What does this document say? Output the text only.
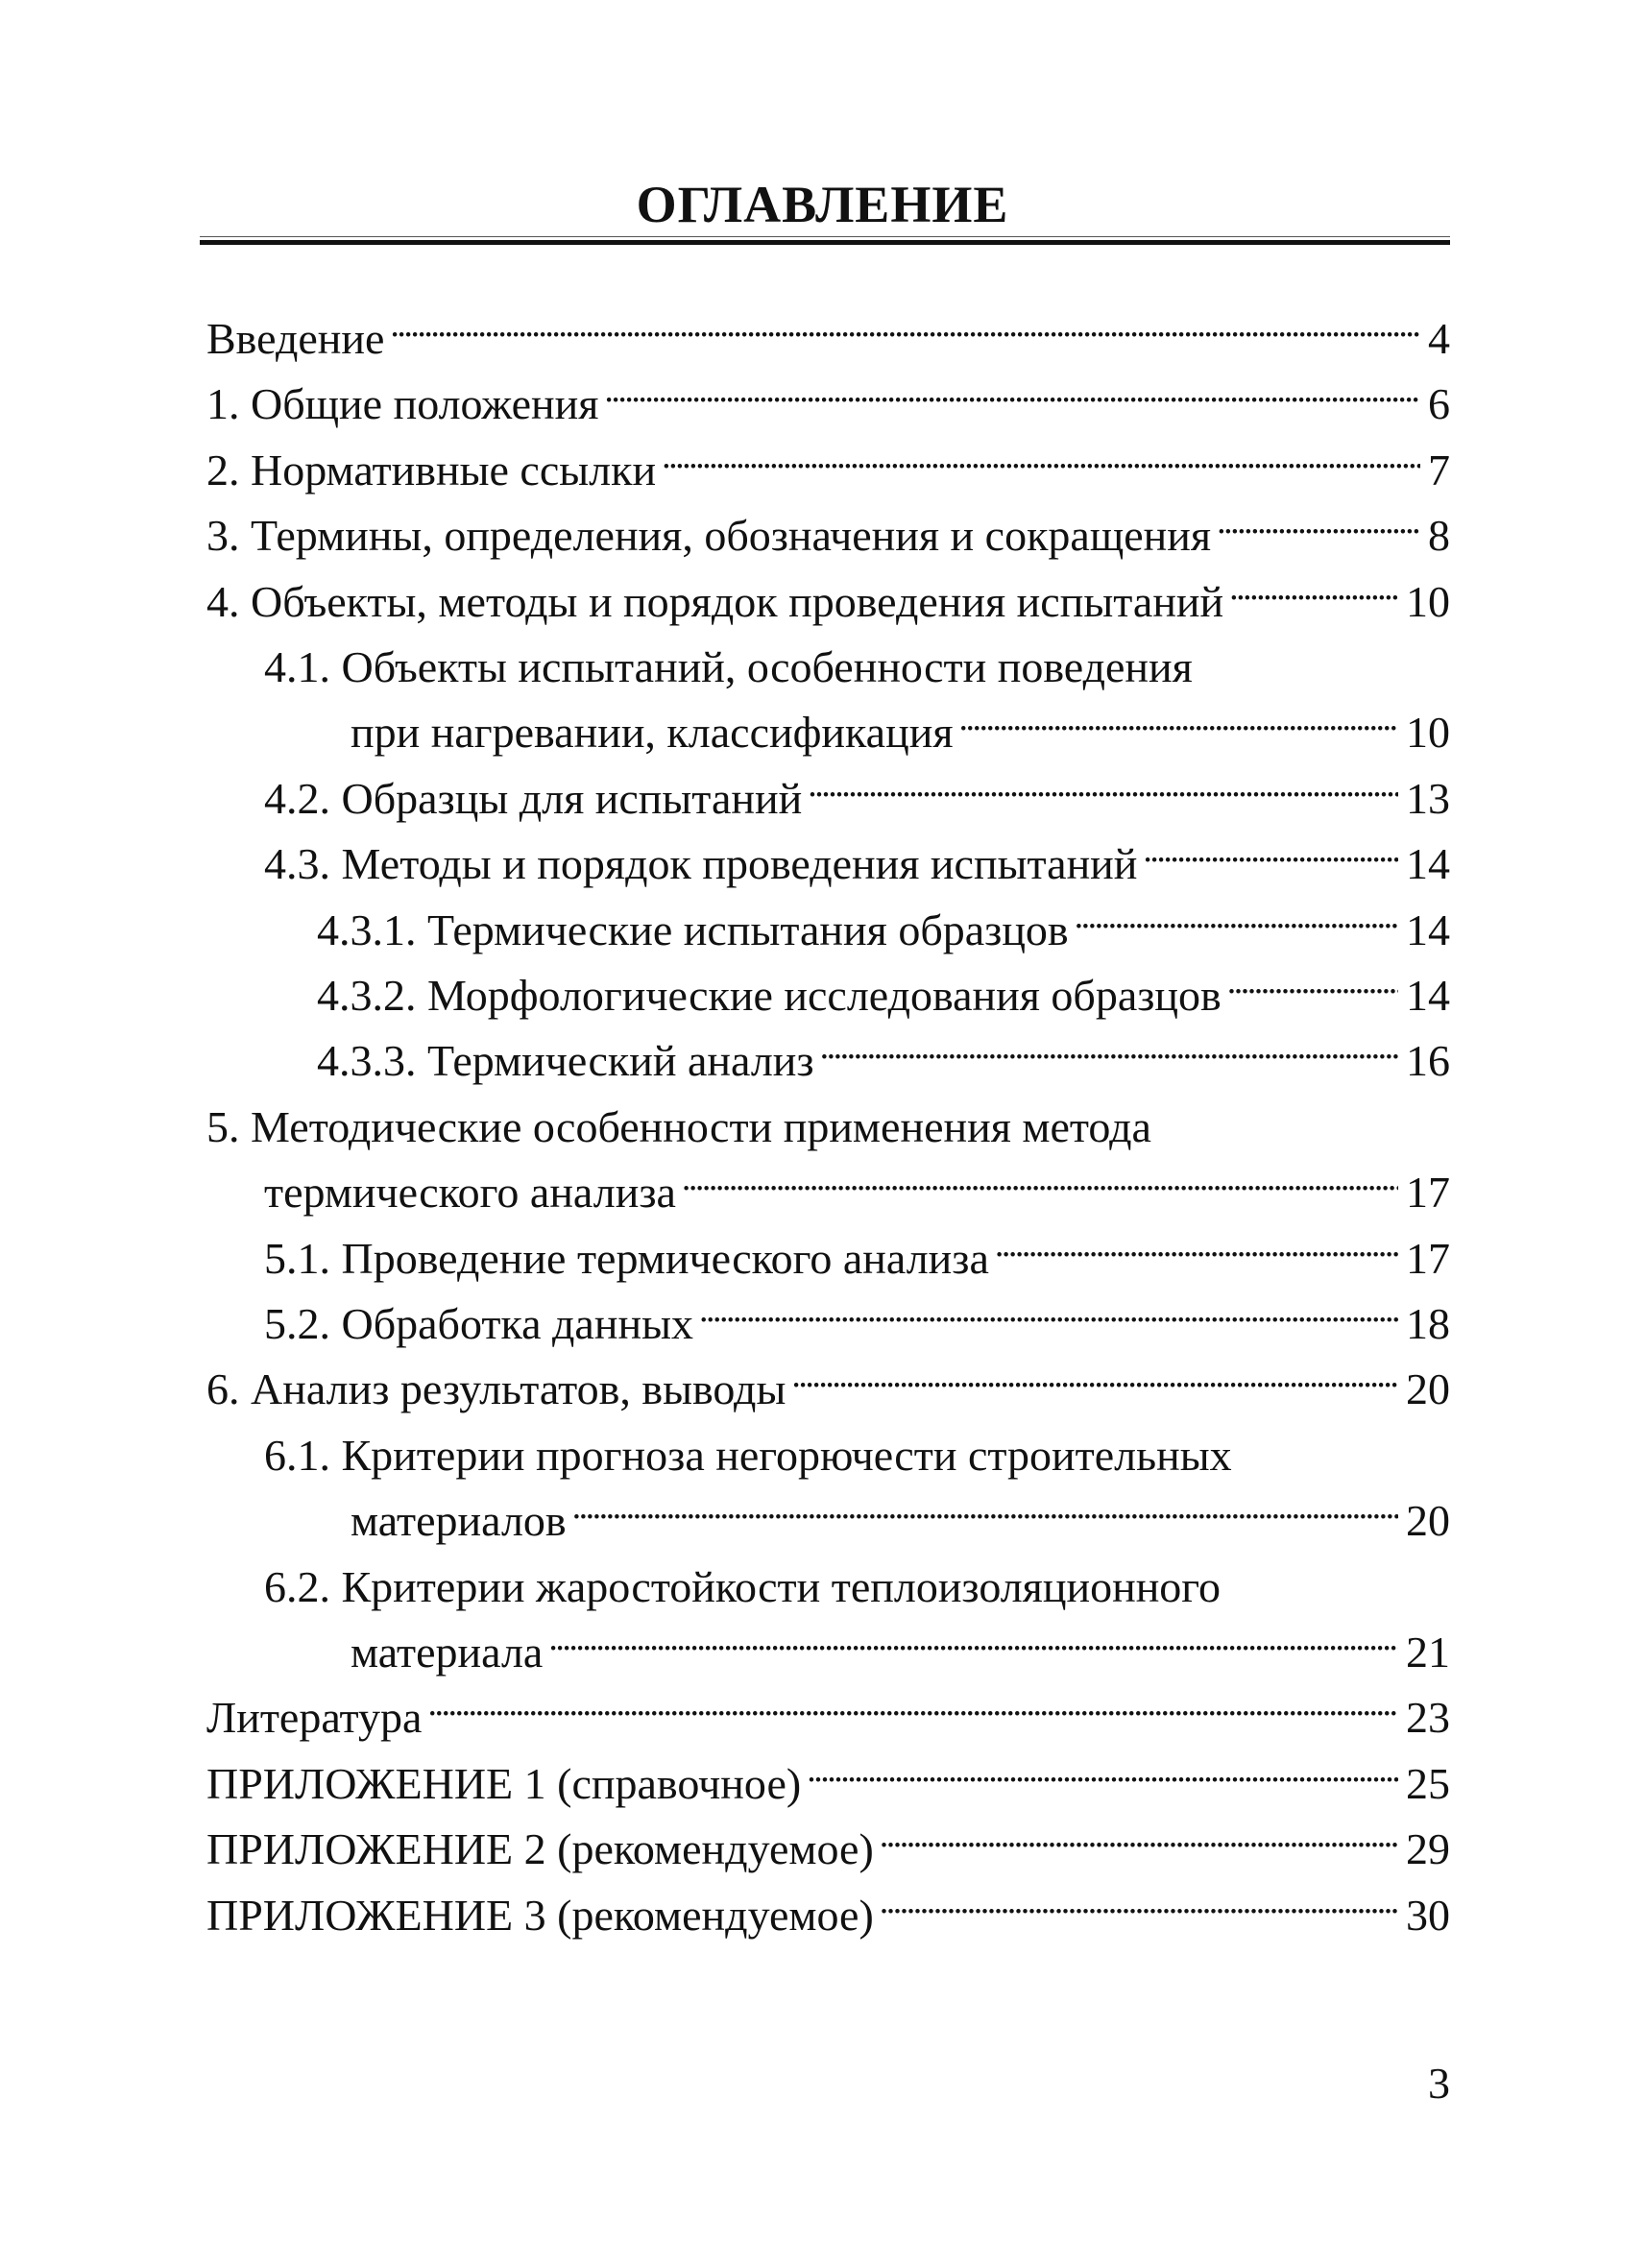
ОГЛАВЛЕНИЕ
Введение . . .	4
1. Общие положения . . .	6
2. Нормативные ссылки . . .	7
3. Термины, определения, обозначения и сокращения . . .	8
4. Объекты, методы и порядок проведения испытаний . . .	10
4.1. Объекты испытаний, особенности поведения
при нагревании, классификация . . .	10
4.2. Образцы для испытаний . . .	13
4.3. Методы и порядок проведения испытаний . . .	14
4.3.1. Термические испытания образцов . . .	14
4.3.2. Морфологические исследования образцов . . .	14
4.3.3. Термический анализ . . .	16
5. Методические особенности применения метода
термического анализа . . .	17
5.1. Проведение термического анализа . . .	17
5.2. Обработка данных . . .	18
6. Анализ результатов, выводы . . .	20
6.1. Критерии прогноза негорючести строительных
материалов . . .	20
6.2. Критерии жаростойкости теплоизоляционного
материала . . .	21
Литература . . .	23
ПРИЛОЖЕНИЕ 1 (справочное) . . .	25
ПРИЛОЖЕНИЕ 2 (рекомендуемое) . . .	29
ПРИЛОЖЕНИЕ 3 (рекомендуемое) . . .	30
3
